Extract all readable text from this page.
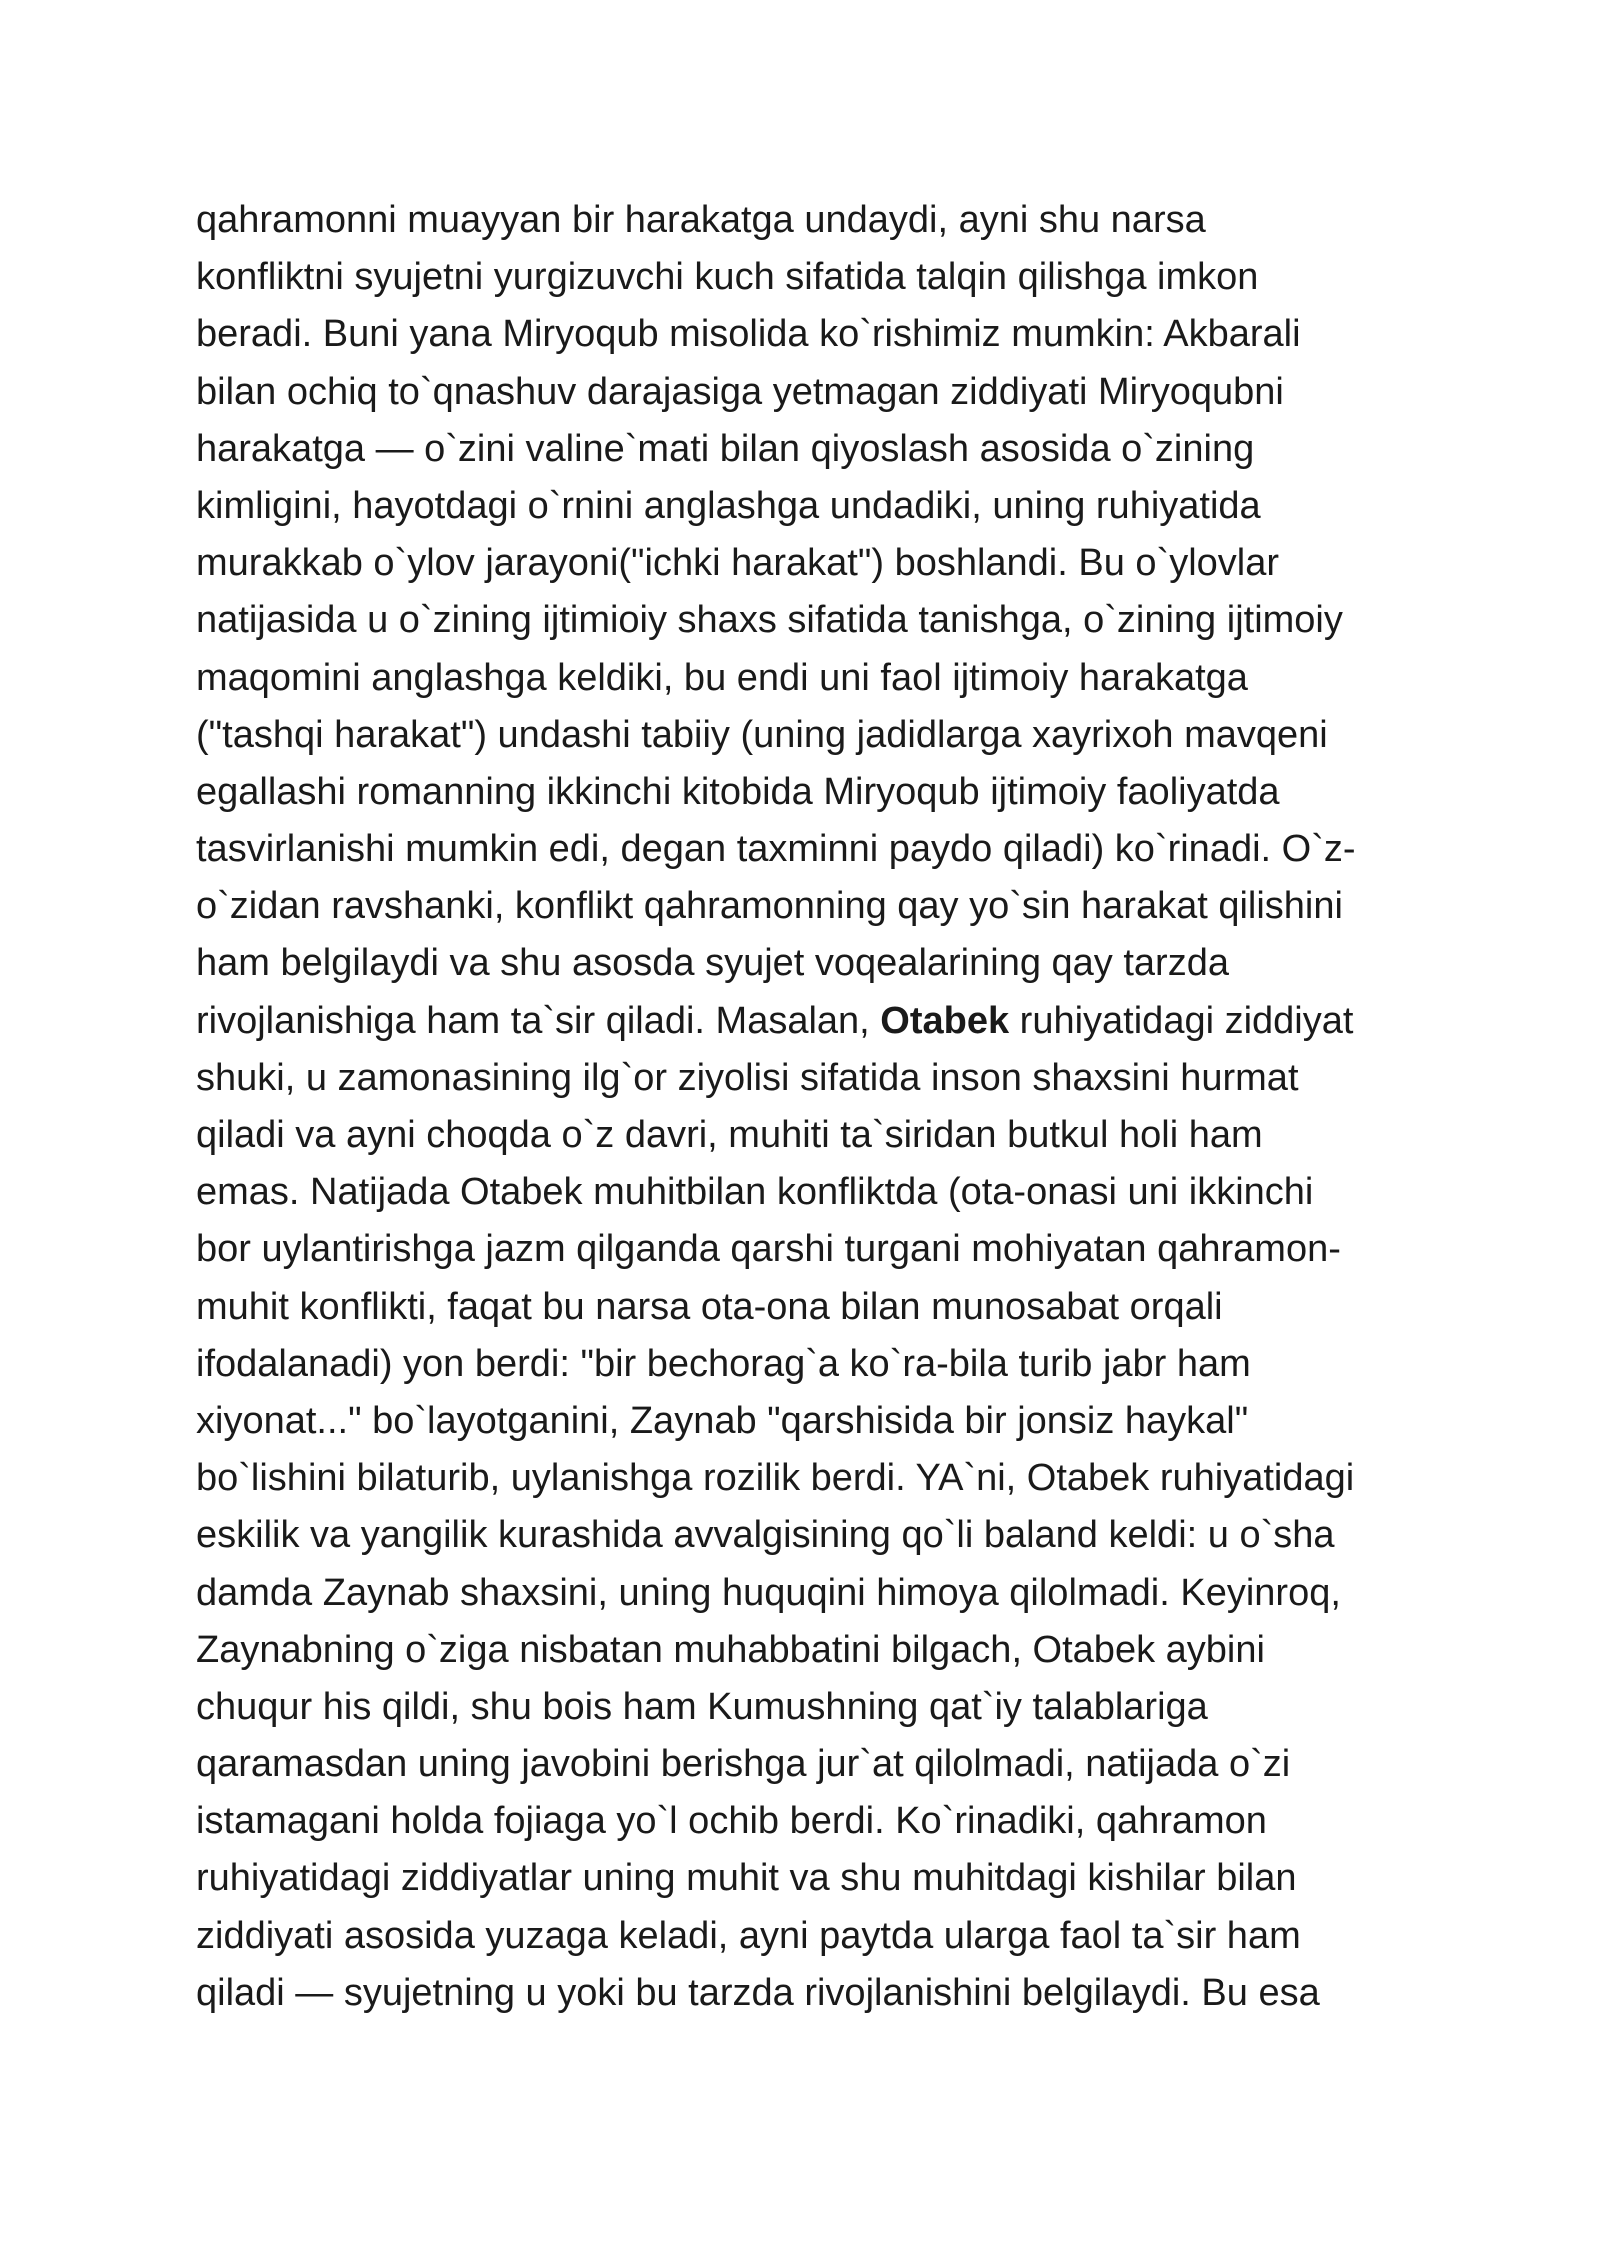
qahramonni muayyan bir harakatga undaydi, ayni shu narsa
konfliktni syujetni yurgizuvchi kuch sifatida talqin qilishga imkon
beradi. Buni yana Miryoqub misolida ko`rishimiz mumkin: Akbarali
bilan ochiq to`qnashuv darajasiga yetmagan ziddiyati Miryoqubni
harakatga — o`zini valine`mati bilan qiyoslash asosida o`zining
kimligini, hayotdagi o`rnini anglashga undadiki, uning ruhiyatida
murakkab o`ylov jarayoni("ichki harakat") boshlandi. Bu o`ylovlar
natijasida u o`zining ijtimioiy shaxs sifatida tanishga, o`zining ijtimoiy
maqomini anglashga keldiki, bu endi uni faol ijtimoiy harakatga
("tashqi harakat") undashi tabiiy (uning jadidlarga xayrixoh mavqeni
egallashi romanning ikkinchi kitobida Miryoqub ijtimoiy faoliyatda
tasvirlanishi mumkin edi, degan taxminni paydo qiladi) ko`rinadi. O`z-
o`zidan ravshanki, konflikt qahramonning qay yo`sin harakat qilishini
ham belgilaydi va shu asosda syujet voqealarining qay tarzda
rivojlanishiga ham ta`sir qiladi. Masalan, Otabek ruhiyatidagi ziddiyat
shuki, u zamonasining ilg`or ziyolisi sifatida inson shaxsini hurmat
qiladi va ayni choqda o`z davri, muhiti ta`siridan butkul holi ham
emas. Natijada Otabek muhitbilan konfliktda (ota-onasi uni ikkinchi
bor uylantirishga jazm qilganda qarshi turgani mohiyatan qahramon-
muhit konflikti, faqat bu narsa ota-ona bilan munosabat orqali
ifodalanadi) yon berdi: "bir bechorag`a ko`ra-bila turib jabr ham
xiyonat..." bo`layotganini, Zaynab "qarshisida bir jonsiz haykal"
bo`lishini bilaturib, uylanishga rozilik berdi. YA`ni, Otabek ruhiyatidagi
eskilik va yangilik kurashida avvalgisining qo`li baland keldi: u o`sha
damda Zaynab shaxsini, uning huquqini himoya qilolmadi. Keyinroq,
Zaynabning o`ziga nisbatan muhabbatini bilgach, Otabek aybini
chuqur his qildi, shu bois ham Kumushning qat`iy talablariga
qaramasdan uning javobini berishga jur`at qilolmadi, natijada o`zi
istamagani holda fojiaga yo`l ochib berdi. Ko`rinadiki, qahramon
ruhiyatidagi ziddiyatlar uning muhit va shu muhitdagi kishilar bilan
ziddiyati asosida yuzaga keladi, ayni paytda ularga faol ta`sir ham
qiladi — syujetning u yoki bu tarzda rivojlanishini belgilaydi. Bu esa
